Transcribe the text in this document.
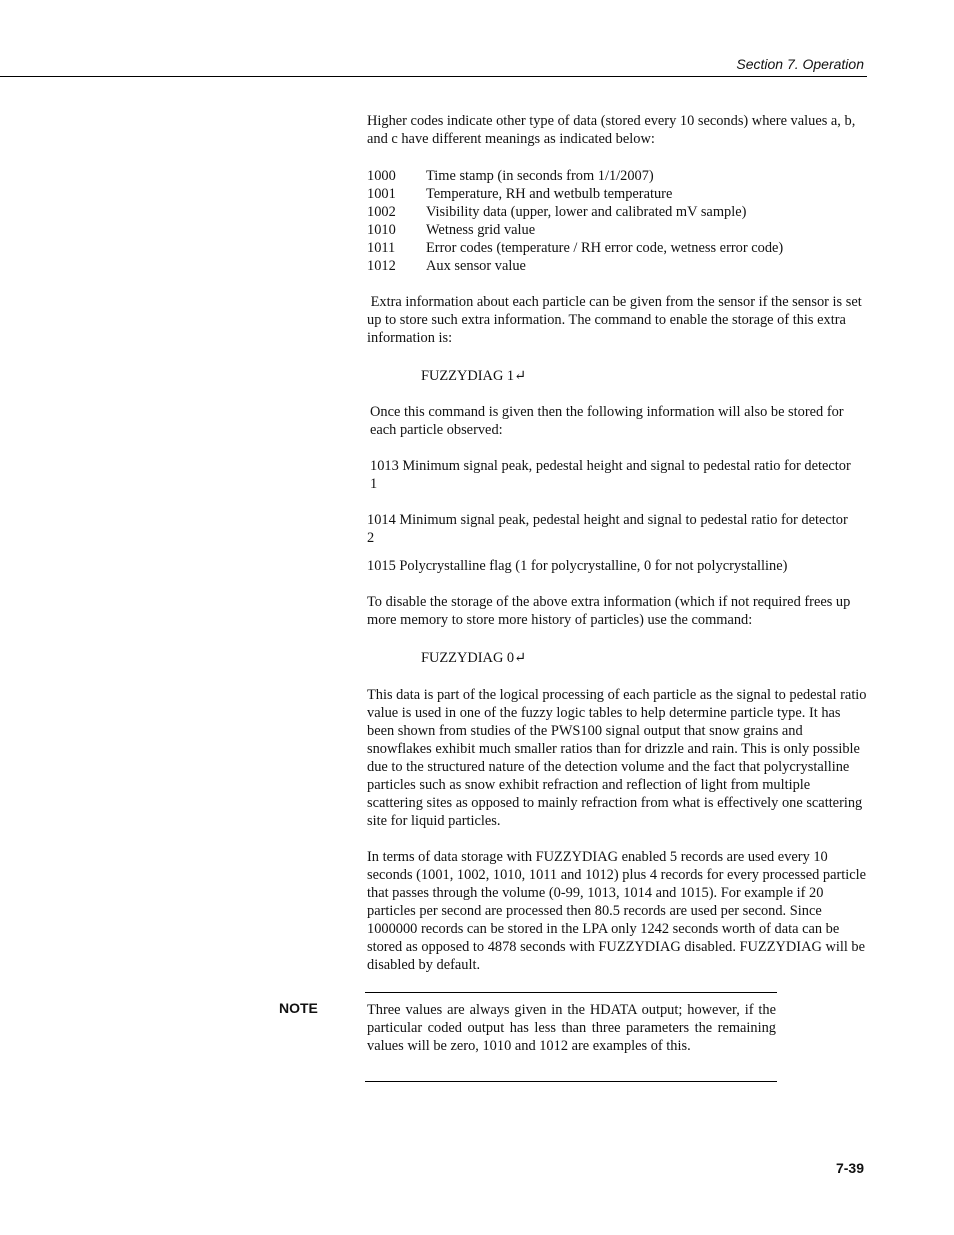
Section 7. Operation

Higher codes indicate other type of data (stored every 10 seconds) where values a, b, and c have different meanings as indicated below:

1000	Time stamp (in seconds from 1/1/2007)
1001	Temperature, RH and wetbulb temperature
1002	Visibility data (upper, lower and calibrated mV sample)
1010	Wetness grid value
1011	Error codes (temperature / RH error code, wetness error code)
1012	Aux sensor value

Extra information about each particle can be given from the sensor if the sensor is set up to store such extra information. The command to enable the storage of this extra information is:

FUZZYDIAG 1↵

Once this command is given then the following information will also be stored for each particle observed:

1013 Minimum signal peak, pedestal height and signal to pedestal ratio for detector 1

1014 Minimum signal peak, pedestal height and signal to pedestal ratio for detector 2

1015 Polycrystalline flag (1 for polycrystalline, 0 for not polycrystalline)

To disable the storage of the above extra information (which if not required frees up more memory to store more history of particles) use the command:

FUZZYDIAG 0↵

This data is part of the logical processing of each particle as the signal to pedestal ratio value is used in one of the fuzzy logic tables to help determine particle type. It has been shown from studies of the PWS100 signal output that snow grains and snowflakes exhibit much smaller ratios than for drizzle and rain. This is only possible due to the structured nature of the detection volume and the fact that polycrystalline particles such as snow exhibit refraction and reflection of light from multiple scattering sites as opposed to mainly refraction from what is effectively one scattering site for liquid particles.

In terms of data storage with FUZZYDIAG enabled 5 records are used every 10 seconds (1001, 1002, 1010, 1011 and 1012) plus 4 records for every processed particle that passes through the volume (0-99, 1013, 1014 and 1015). For example if 20 particles per second are processed then 80.5 records are used per second. Since 1000000 records can be stored in the LPA only 1242 seconds worth of data can be stored as opposed to 4878 seconds with FUZZYDIAG disabled. FUZZYDIAG will be disabled by default.

NOTE	Three values are always given in the HDATA output; however, if the particular coded output has less than three parameters the remaining values will be zero, 1010 and 1012 are examples of this.

7-39
